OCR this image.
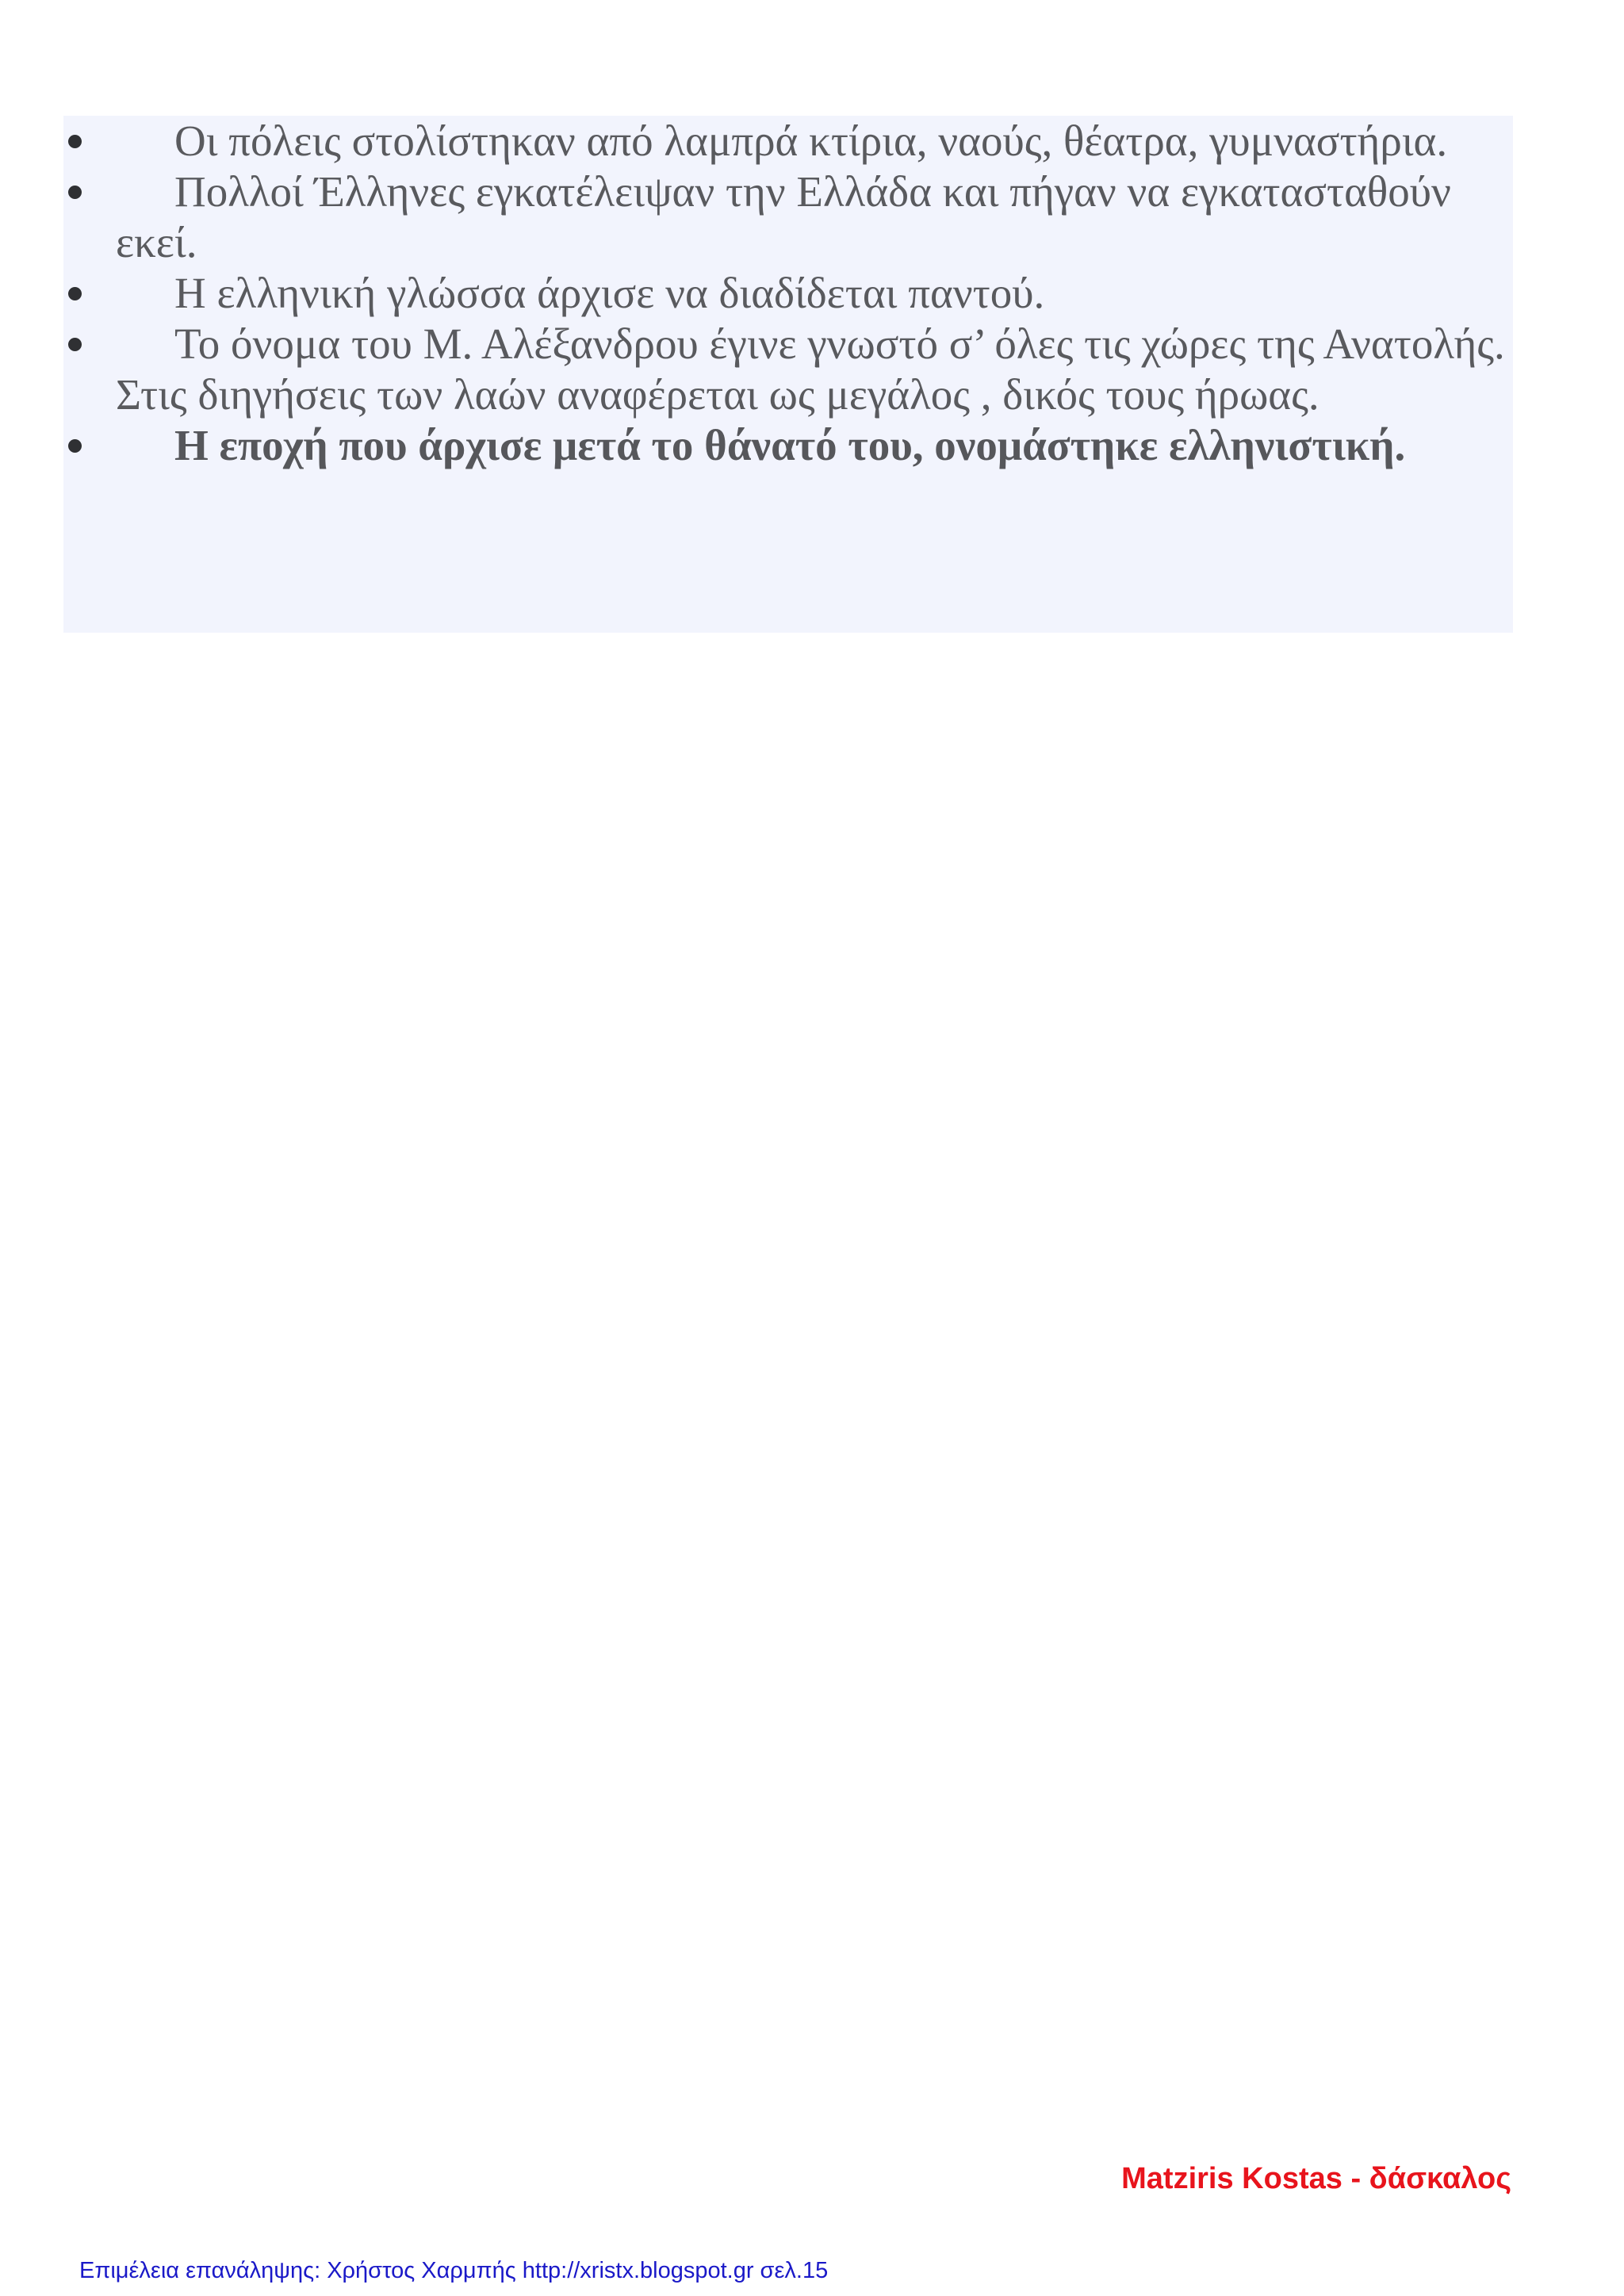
Οι πόλεις στολίστηκαν από λαμπρά κτίρια, ναούς, θέατρα, γυμναστήρια.
Πολλοί Έλληνες εγκατέλειψαν την Ελλάδα και πήγαν να εγκατασταθούν εκεί.
Η ελληνική γλώσσα άρχισε να διαδίδεται παντού.
Το όνομα του Μ. Αλέξανδρου έγινε γνωστό σ’ όλες τις χώρες της Ανατολής. Στις διηγήσεις των λαών αναφέρεται ως μεγάλος , δικός τους ήρωας.
Η εποχή που άρχισε μετά το θάνατό του, ονομάστηκε ελληνιστική.
Matziris Kostas - δάσκαλος
Επιμέλεια επανάληψης: Χρήστος Χαρμπής http://xristx.blogspot.gr σελ.15
